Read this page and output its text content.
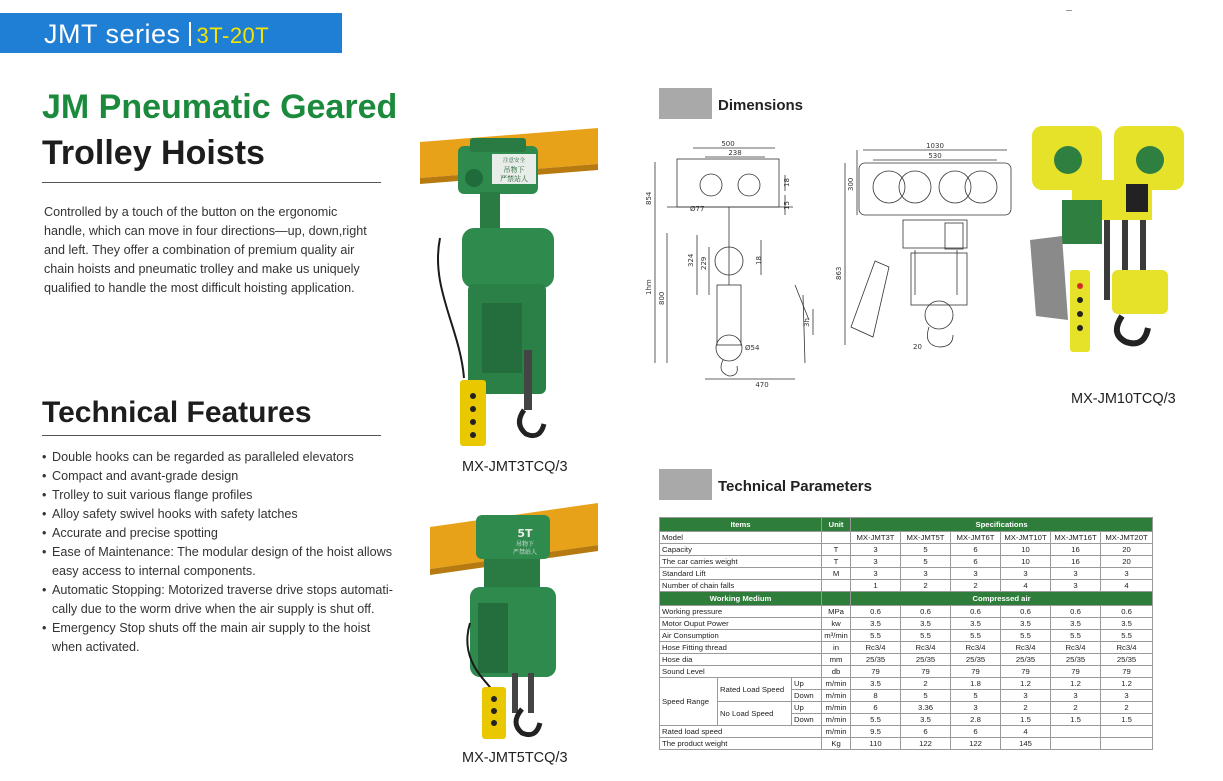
JMT series 3T-20T
JM Pneumatic Geared
Trolley Hoists

Controlled by a touch of the button on the ergonomic handle, which can move in four directions—up, down,right and left. They offer a combination of premium quality air chain hoists and pneumatic trolley and make us uniquely qualified to handle the most difficult hoisting application.

Technical Features
• Double hooks can be regarded as paralleled elevators
• Compact and avant-grade design
• Trolley to suit various flange profiles
• Alloy safety swivel hooks with safety latches
• Accurate and precise spotting
• Ease of Maintenance: The modular design of the hoist allows easy access to internal components.
• Automatic Stopping: Motorized traverse drive stops automati-cally due to the worm drive when the air supply is shut off.
• Emergency Stop shuts off the main air supply to the hoist when activated.
注意安全
吊物下
严禁站人
MX-JMT3TCQ/3
5T
吊物下
严禁站人
MX-JMT5TCQ/3
Dimensions
500
238
854
324 229
1hm
800
Ø77
Ø54
470
18
15
18
3h
1030
530
300
863
20
MX-JM10TCQ/3
Technical Parameters
Items			Unit	Specifications					
Model				MX-JMT3T	MX-JMT5T	MX-JMT6T	MX-JMT10T	MX-JMT16T	MX-JMT20T
Capacity			T	3	5	6	10	16	20
The car carries weight			T	3	5	6	10	16	20
Standard Lift			M	3	3	3	3	3	3
Number of chain falls				1	2	2	4	3	4
Working Medium				Compressed air					
Working pressure			MPa	0.6	0.6	0.6	0.6	0.6	0.6
Motor Ouput Power			kw	3.5	3.5	3.5	3.5	3.5	3.5
Air Consumption			m³/min	5.5	5.5	5.5	5.5	5.5	5.5
Hose Fitting thread			in	Rc3/4	Rc3/4	Rc3/4	Rc3/4	Rc3/4	Rc3/4
Hose dia			mm	25/35	25/35	25/35	25/35	25/35	25/35
Sound Level			db	79	79	79	79	79	79
Speed Range	Rated Load Speed	Up	m/min	3.5	2	1.8	1.2	1.2	1.2
		Down	m/min	8	5	5	3	3	3
	No Load Speed	Up	m/min	6	3.36	3	2	2	2
		Down	m/min	5.5	3.5	2.8	1.5	1.5	1.5
Rated load speed			m/min	9.5	6	6	4		
The product weight			Kg	110	122	122	145		
